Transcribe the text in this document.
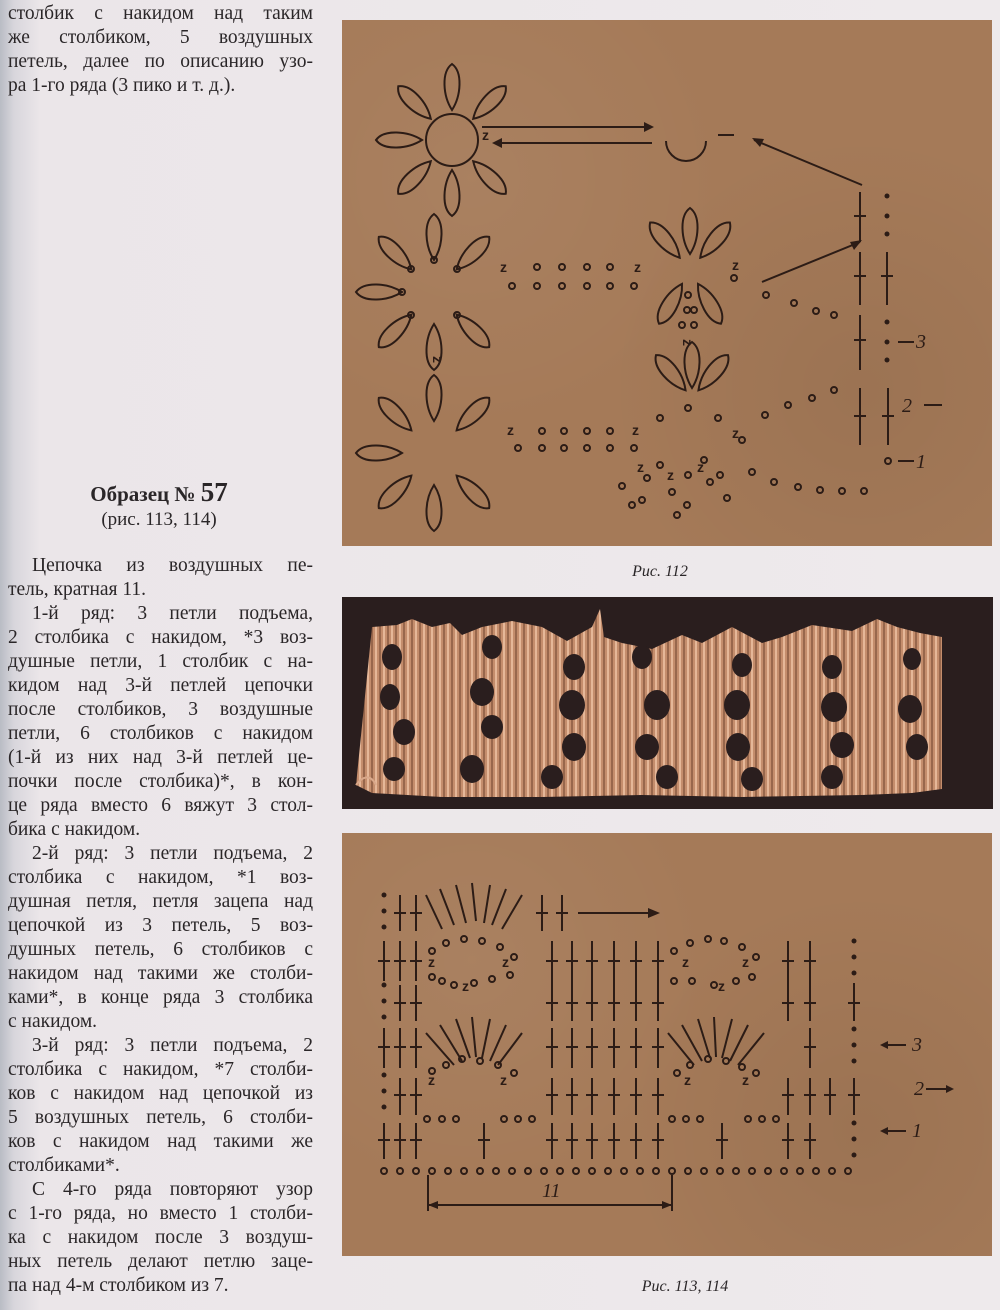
столбик с накидом над таким
же столбиком, 5 воздушных
петель, далее по описанию узо-
ра 1-го ряда (3 пико и т. д.).
Образец № 57
(рис. 113, 114)
Цепочка из воздушных пе-
тель, кратная 11.
1-й ряд: 3 петли подъема,
2 столбика с накидом, *3 воз-
душные петли, 1 столбик с на-
кидом над 3-й петлей цепочки
после столбиков, 3 воздушные
петли, 6 столбиков с накидом
(1-й из них над 3-й петлей це-
почки после столбика)*, в кон-
це ряда вместо 6 вяжут 3 стол-
бика с накидом.
2-й ряд: 3 петли подъема, 2
столбика с накидом, *1 воз-
душная петля, петля зацепа над
цепочкой из 3 петель, 5 воз-
душных петель, 6 столбиков с
накидом над такими же столби-
ками*, в конце ряда 3 столбика
с накидом.
3-й ряд: 3 петли подъема, 2
столбика с накидом, *7 столби-
ков с накидом над цепочкой из
5 воздушных петель, 6 столби-
ков с накидом над такими же
столбиками*.
С 4-го ряда повторяют узор
с 1-го ряда, но вместо 1 столби-
ка с накидом после 3 воздуш-
ных петель делают петлю заце-
па над 4-м столбиком из 7.
z
z	z	z
z
z
z	z	z
z z z
3
2
1
Рис. 112
11
z	z
z
z	z
z	z
z
z	z
3
2
1
Рис. 113, 114
